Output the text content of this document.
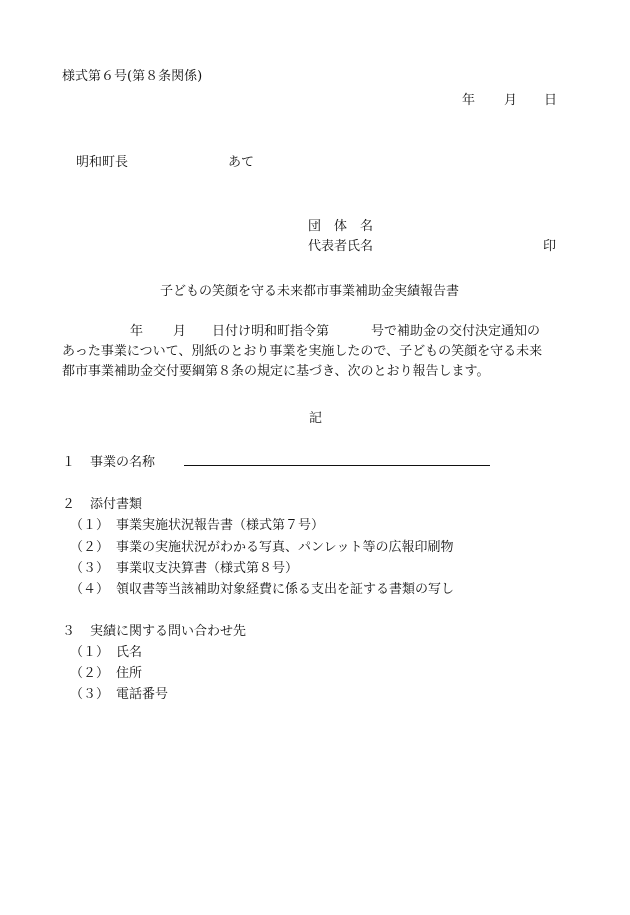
様式第６号(第８条関係)
年 月 日
明和町長	あて
団　体　名
代表者氏名	印
子どもの笑顔を守る未来都市事業補助金実績報告書
年 月 日付け明和町指令第	号で補助金の交付決定通知の
あった事業について、別紙のとおり事業を実施したので、子どもの笑顔を守る未来
都市事業補助金交付要綱第８条の規定に基づき、次のとおり報告します。
記
１ 事業の名称
２ 添付書類
（１） 事業実施状況報告書（様式第７号）
（２） 事業の実施状況がわかる写真、パンレット等の広報印刷物
（３） 事業収支決算書（様式第８号）
（４） 領収書等当該補助対象経費に係る支出を証する書類の写し
３ 実績に関する問い合わせ先
（１） 氏名
（２） 住所
（３） 電話番号
